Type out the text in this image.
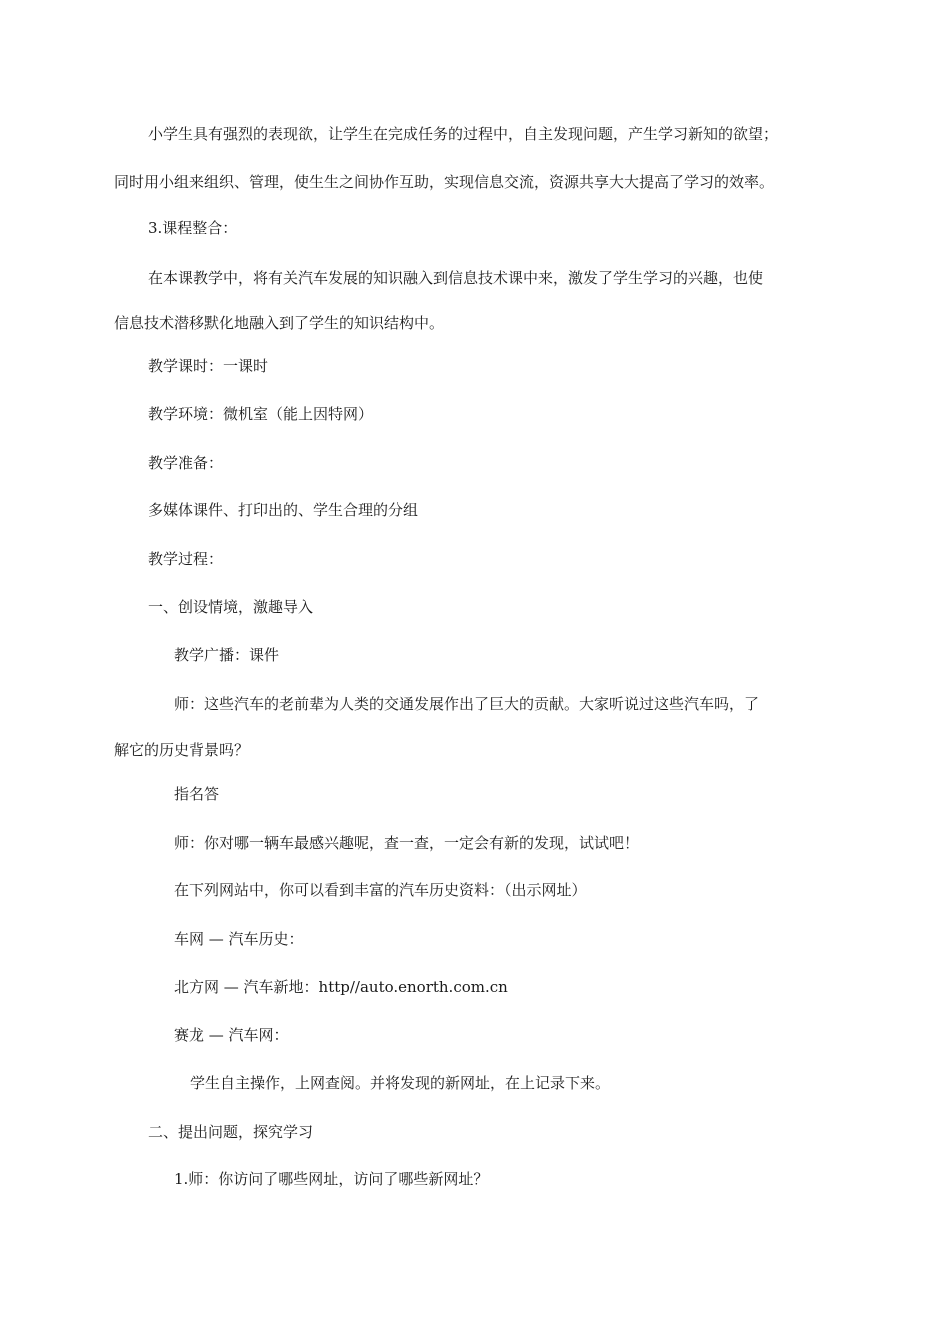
小学生具有强烈的表现欲，让学生在完成任务的过程中，自主发现问题，产生学习新知的欲望；
同时用小组来组织、管理，使生生之间协作互助，实现信息交流，资源共享大大提高了学习的效率。
3.课程整合：
在本课教学中，将有关汽车发展的知识融入到信息技术课中来，激发了学生学习的兴趣，也使
信息技术潜移默化地融入到了学生的知识结构中。
教学课时：一课时
教学环境：微机室（能上因特网）
教学准备：
多媒体课件、打印出的、学生合理的分组
教学过程：
一、创设情境，激趣导入
教学广播：课件
师：这些汽车的老前辈为人类的交通发展作出了巨大的贡献。大家听说过这些汽车吗，了
解它的历史背景吗？
指名答
师：你对哪一辆车最感兴趣呢，查一查，一定会有新的发现，试试吧！
在下列网站中，你可以看到丰富的汽车历史资料：（出示网址）
车网 — 汽车历史：
北方网 — 汽车新地：http//auto.enorth.com.cn
赛龙 — 汽车网：
学生自主操作，上网查阅。并将发现的新网址，在上记录下来。
二、提出问题，探究学习
1.师：你访问了哪些网址，访问了哪些新网址？
